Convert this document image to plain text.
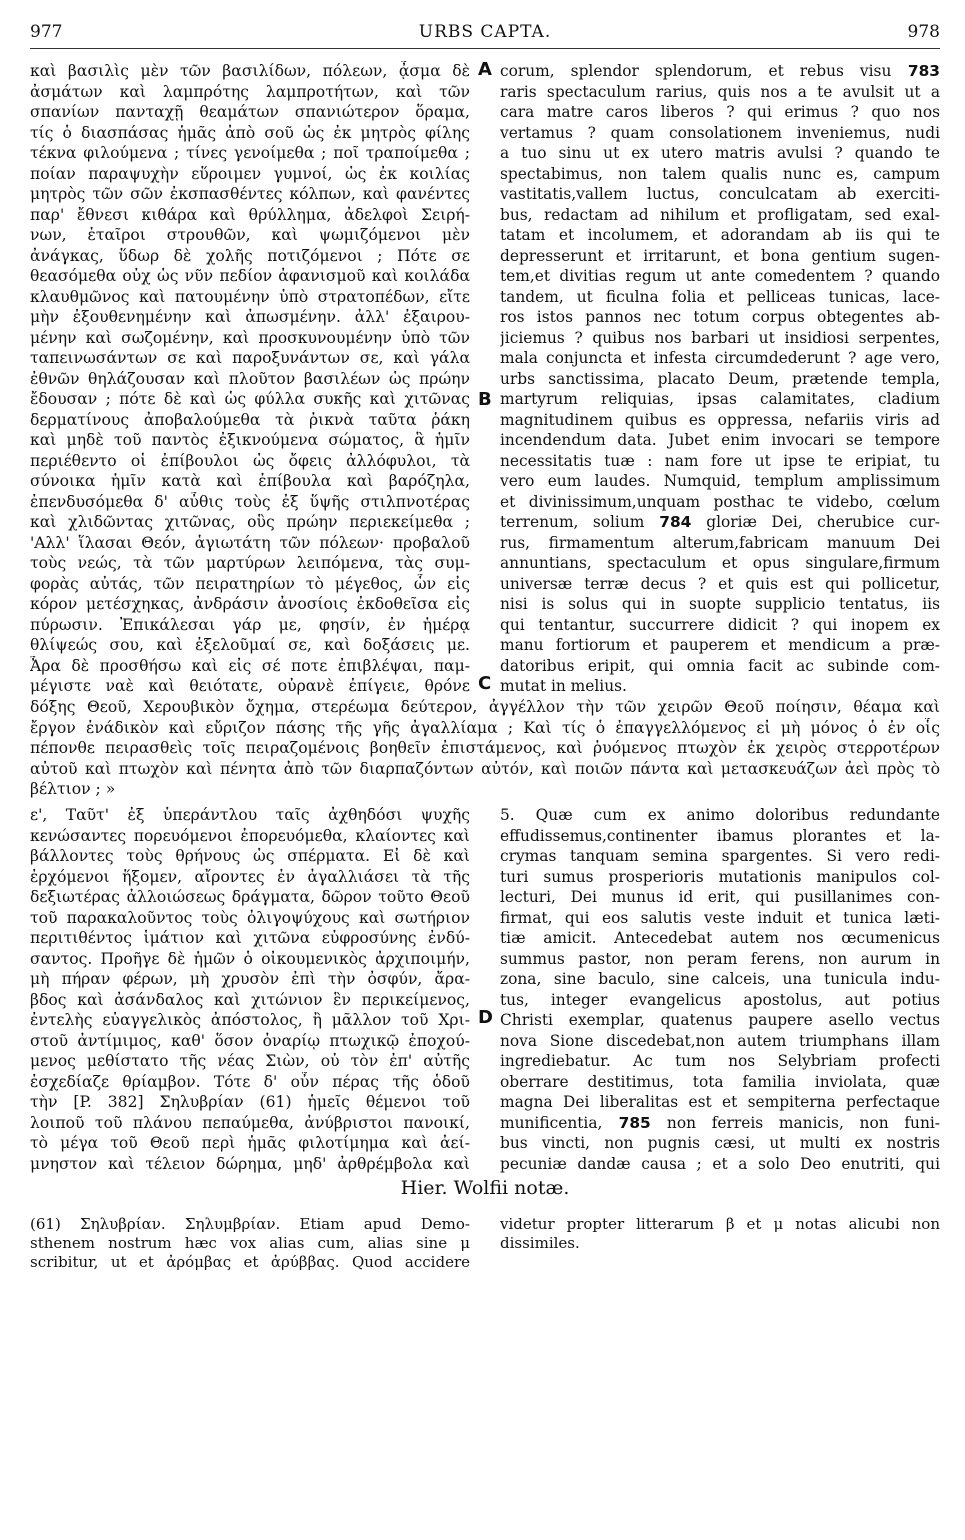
977	URBS CAPTA.	978
καὶ βασιλὶς μὲν τῶν βασιλίδων, πόλεων, ᾆσμα δὲ
ἀσμάτων καὶ λαμπρότης λαμπροτήτων, καὶ τῶν
σπανίων πανταχῇ θεαμάτων σπανιώτερον ὅραμα,
τίς ὁ διασπάσας ἡμᾶς ἀπὸ σοῦ ὡς ἐκ μητρὸς φίλης
τέκνα φιλούμενα ; τίνες γενοίμεθα ; ποῖ τραποίμεθα ;
ποίαν παραψυχὴν εὕροιμεν γυμνοί, ὡς ἐκ κοιλίας
μητρὸς τῶν σῶν ἐκσπασθέντες κόλπων, καὶ φανέντες
παρ' ἔθνεσι κιθάρα καὶ θρύλλημα, ἀδελφοὶ Σειρή-
νων, ἑταῖροι στρουθῶν, καὶ ψωμιζόμενοι μὲν
ἀνάγκας, ὕδωρ δὲ χολῆς ποτιζόμενοι ; Πότε σε
θεασόμεθα οὐχ ὡς νῦν πεδίον ἀφανισμοῦ καὶ κοιλάδα
κλαυθμῶνος καὶ πατουμένην ὑπὸ στρατοπέδων, εἴτε
μὴν ἐξουθενημένην καὶ ἀπωσμένην. ἀλλ' ἐξαιρου-
μένην καὶ σωζομένην, καὶ προσκυνουμένην ὑπὸ τῶν
ταπεινωσάντων σε καὶ παροξυνάντων σε, καὶ γάλα
ἐθνῶν θηλάζουσαν καὶ πλοῦτον βασιλέων ὡς πρώην
ἔδουσαν ; πότε δὲ καὶ ὡς φύλλα συκῆς καὶ χιτῶνας
δερματίνους ἀποβαλούμεθα τὰ ῥικνὰ ταῦτα ῥάκη
καὶ μηδὲ τοῦ παντὸς ἐξικνούμενα σώματος, ἃ ἡμῖν
περιέθεντο οἱ ἐπίβουλοι ὡς ὄφεις ἀλλόφυλοι, τὰ
σύνοικα ἡμῖν κατὰ καὶ ἐπίβουλα καὶ βαρόζηλα,
ἐπενδυσόμεθα δ' αὖθις τοὺς ἐξ ὕψῆς στιλπνοτέρας
καὶ χλιδῶντας χιτῶνας, οὓς πρώην περιεκείμεθα ;
'Αλλ' ἵλασαι Θεόν, ἁγιωτάτη τῶν πόλεων· προβαλοῦ
τοὺς νεώς, τὰ τῶν μαρτύρων λειπόμενα, τὰς συμ-
φορὰς αὐτάς, τῶν πειρατηρίων τὸ μέγεθος, ὧν εἰς
κόρον μετέσχηκας, ἀνδράσιν ἀνοσίοις ἐκδοθεῖσα εἰς
πύρωσιν. Ἐπικάλεσαι γάρ με, φησίν, ἐν ἡμέρᾳ
θλίψεώς σου, καὶ ἐξελοῦμαί σε, καὶ δοξάσεις με.
Ἆρα δὲ προσθήσω καὶ εἰς σέ ποτε ἐπιβλέψαι, παμ-
μέγιστε ναὲ καὶ θειότατε, οὐρανὲ ἐπίγειε, θρόνε
corum, splendor splendorum, et rebus visu 783
raris spectaculum rarius, quis nos a te avulsit ut a
cara matre caros liberos ? qui erimus ? quo nos
vertamus ? quam consolationem inveniemus, nudi
a tuo sinu ut ex utero matris avulsi ? quando te
spectabimus, non talem qualis nunc es, campum
vastitatis,vallem luctus, conculcatam ab exerciti-
bus, redactam ad nihilum et profligatam, sed exal-
tatam et incolumem, et adorandam ab iis qui te
depresserunt et irritarunt, et bona gentium sugen-
tem,et divitias regum ut ante comedentem ? quando
tandem, ut ficulna folia et pelliceas tunicas, lace-
ros istos pannos nec totum corpus obtegentes ab-
jiciemus ? quibus nos barbari ut insidiosi serpentes,
mala conjuncta et infesta circumdederunt ? age vero,
urbs sanctissima, placato Deum, prætende templa,
martyrum reliquias, ipsas calamitates, cladium
magnitudinem quibus es oppressa, nefariis viris ad
incendendum data. Jubet enim invocari se tempore
necessitatis tuæ : nam fore ut ipse te eripiat, tu
vero eum laudes. Numquid, templum amplissimum
et divinissimum,unquam posthac te videbo, cœlum
terrenum, solium 784 gloriæ Dei, cherubice cur-
rus, firmamentum alterum,fabricam manuum Dei
annuntians, spectaculum et opus singulare,firmum
universæ terræ decus ? et quis est qui pollicetur,
nisi is solus qui in suopte supplicio tentatus, iis
qui tentantur, succurrere didicit ? qui inopem ex
manu fortiorum et pauperem et mendicum a præ-
datoribus eripit, qui omnia facit ac subinde com-
mutat in melius.
A
B
C
δόξης Θεοῦ, Χερουβικὸν ὄχημα, στερέωμα δεύτερον, ἀγγέλλον τὴν τῶν χειρῶν Θεοῦ ποίησιν, θέαμα καὶ
ἔργον ἐνάδικὸν καὶ εὔριζον πάσης τῆς γῆς ἀγαλλίαμα ; Καὶ τίς ὁ ἐπαγγελλόμενος εἰ μὴ μόνος ὁ ἐν οἷς
πέπονθε πειρασθεὶς τοῖς πειραζομένοις βοηθεῖν ἐπιστάμενος, καὶ ῥυόμενος πτωχὸν ἐκ χειρὸς στερροτέρων
αὐτοῦ καὶ πτωχὸν καὶ πένητα ἀπὸ τῶν διαρπαζόντων αὐτόν, καὶ ποιῶν πάντα καὶ μετασκευάζων ἀεὶ πρὸς τὸ
βέλτιον ; »
ε', Ταῦτ' ἐξ ὑπεράντλου ταῖς ἀχθηδόσι ψυχῆς
κενώσαντες πορευόμενοι ἐπορευόμεθα, κλαίοντες καὶ
βάλλοντες τοὺς θρήνους ὡς σπέρματα. Εἰ δὲ καὶ
ἐρχόμενοι ἥξομεν, αἴροντες ἐν ἀγαλλιάσει τὰ τῆς
δεξιωτέρας ἀλλοιώσεως δράγματα, δῶρον τοῦτο Θεοῦ
τοῦ παρακαλοῦντος τοὺς ὀλιγοψύχους καὶ σωτήριον
περιτιθέντος ἱμάτιον καὶ χιτῶνα εὐφροσύνης ἐνδύ-
σαντος. Προῆγε δὲ ἡμῶν ὁ οἰκουμενικὸς ἀρχιποιμήν,
μὴ πήραν φέρων, μὴ χρυσὸν ἐπὶ τὴν ὀσφύν, ἄρα-
βδος καὶ ἀσάνδαλος καὶ χιτώνιον ἓν περικείμενος,
ἐντελὴς εὐαγγελικὸς ἀπόστολος, ἢ μᾶλλον τοῦ Χρι-
στοῦ ἀντίμιμος, καθ' ὅσον ὀναρίῳ πτωχικῷ ἐποχού-
μενος μεθίστατο τῆς νέας Σιὼν, οὐ τὸν ἐπ' αὐτῆς
ἐσχεδίαζε θρίαμβον. Τότε δ' οὖν πέρας τῆς ὁδοῦ
τὴν [P. 382] Σηλυβρίαν (61) ἡμεῖς θέμενοι τοῦ
λοιποῦ τοῦ πλάνου πεπαύμεθα, ἀνύβριστοι πανοικί,
τὸ μέγα τοῦ Θεοῦ περὶ ἡμᾶς φιλοτίμημα καὶ ἀεί-
μνηστον καὶ τέλειον δώρημα, μηδ' ἀρθρέμβολα καὶ
5. Quæ cum ex animo doloribus redundante
effudissemus,continenter ibamus plorantes et la-
crymas tanquam semina spargentes. Si vero redi-
turi sumus prosperioris mutationis manipulos col-
lecturi, Dei munus id erit, qui pusillanimes con-
firmat, qui eos salutis veste induit et tunica læti-
tiæ amicit. Antecedebat autem nos œcumenicus
summus pastor, non peram ferens, non aurum in
zona, sine baculo, sine calceis, una tunicula indu-
tus, integer evangelicus apostolus, aut potius
Christi exemplar, quatenus paupere asello vectus
nova Sione discedebat,non autem triumphans illam
ingrediebatur. Ac tum nos Selybriam profecti
oberrare destitimus, tota familia inviolata, quæ
magna Dei liberalitas est et sempiterna perfectaque
munificentia, 785 non ferreis manicis, non funi-
bus vincti, non pugnis cæsi, ut multi ex nostris
pecuniæ dandæ causa ; et a solo Deo enutriti, qui
D
Hier. Wolfii notæ.
(61) Σηλυβρίαν. Σηλυμβρίαν. Etiam apud Demo-
sthenem nostrum hæc vox alias cum, alias sine μ
scribitur, ut et ἀρόμβας et ἀρύββας. Quod accidere
videtur propter litterarum β et μ notas alicubi non
dissimiles.
